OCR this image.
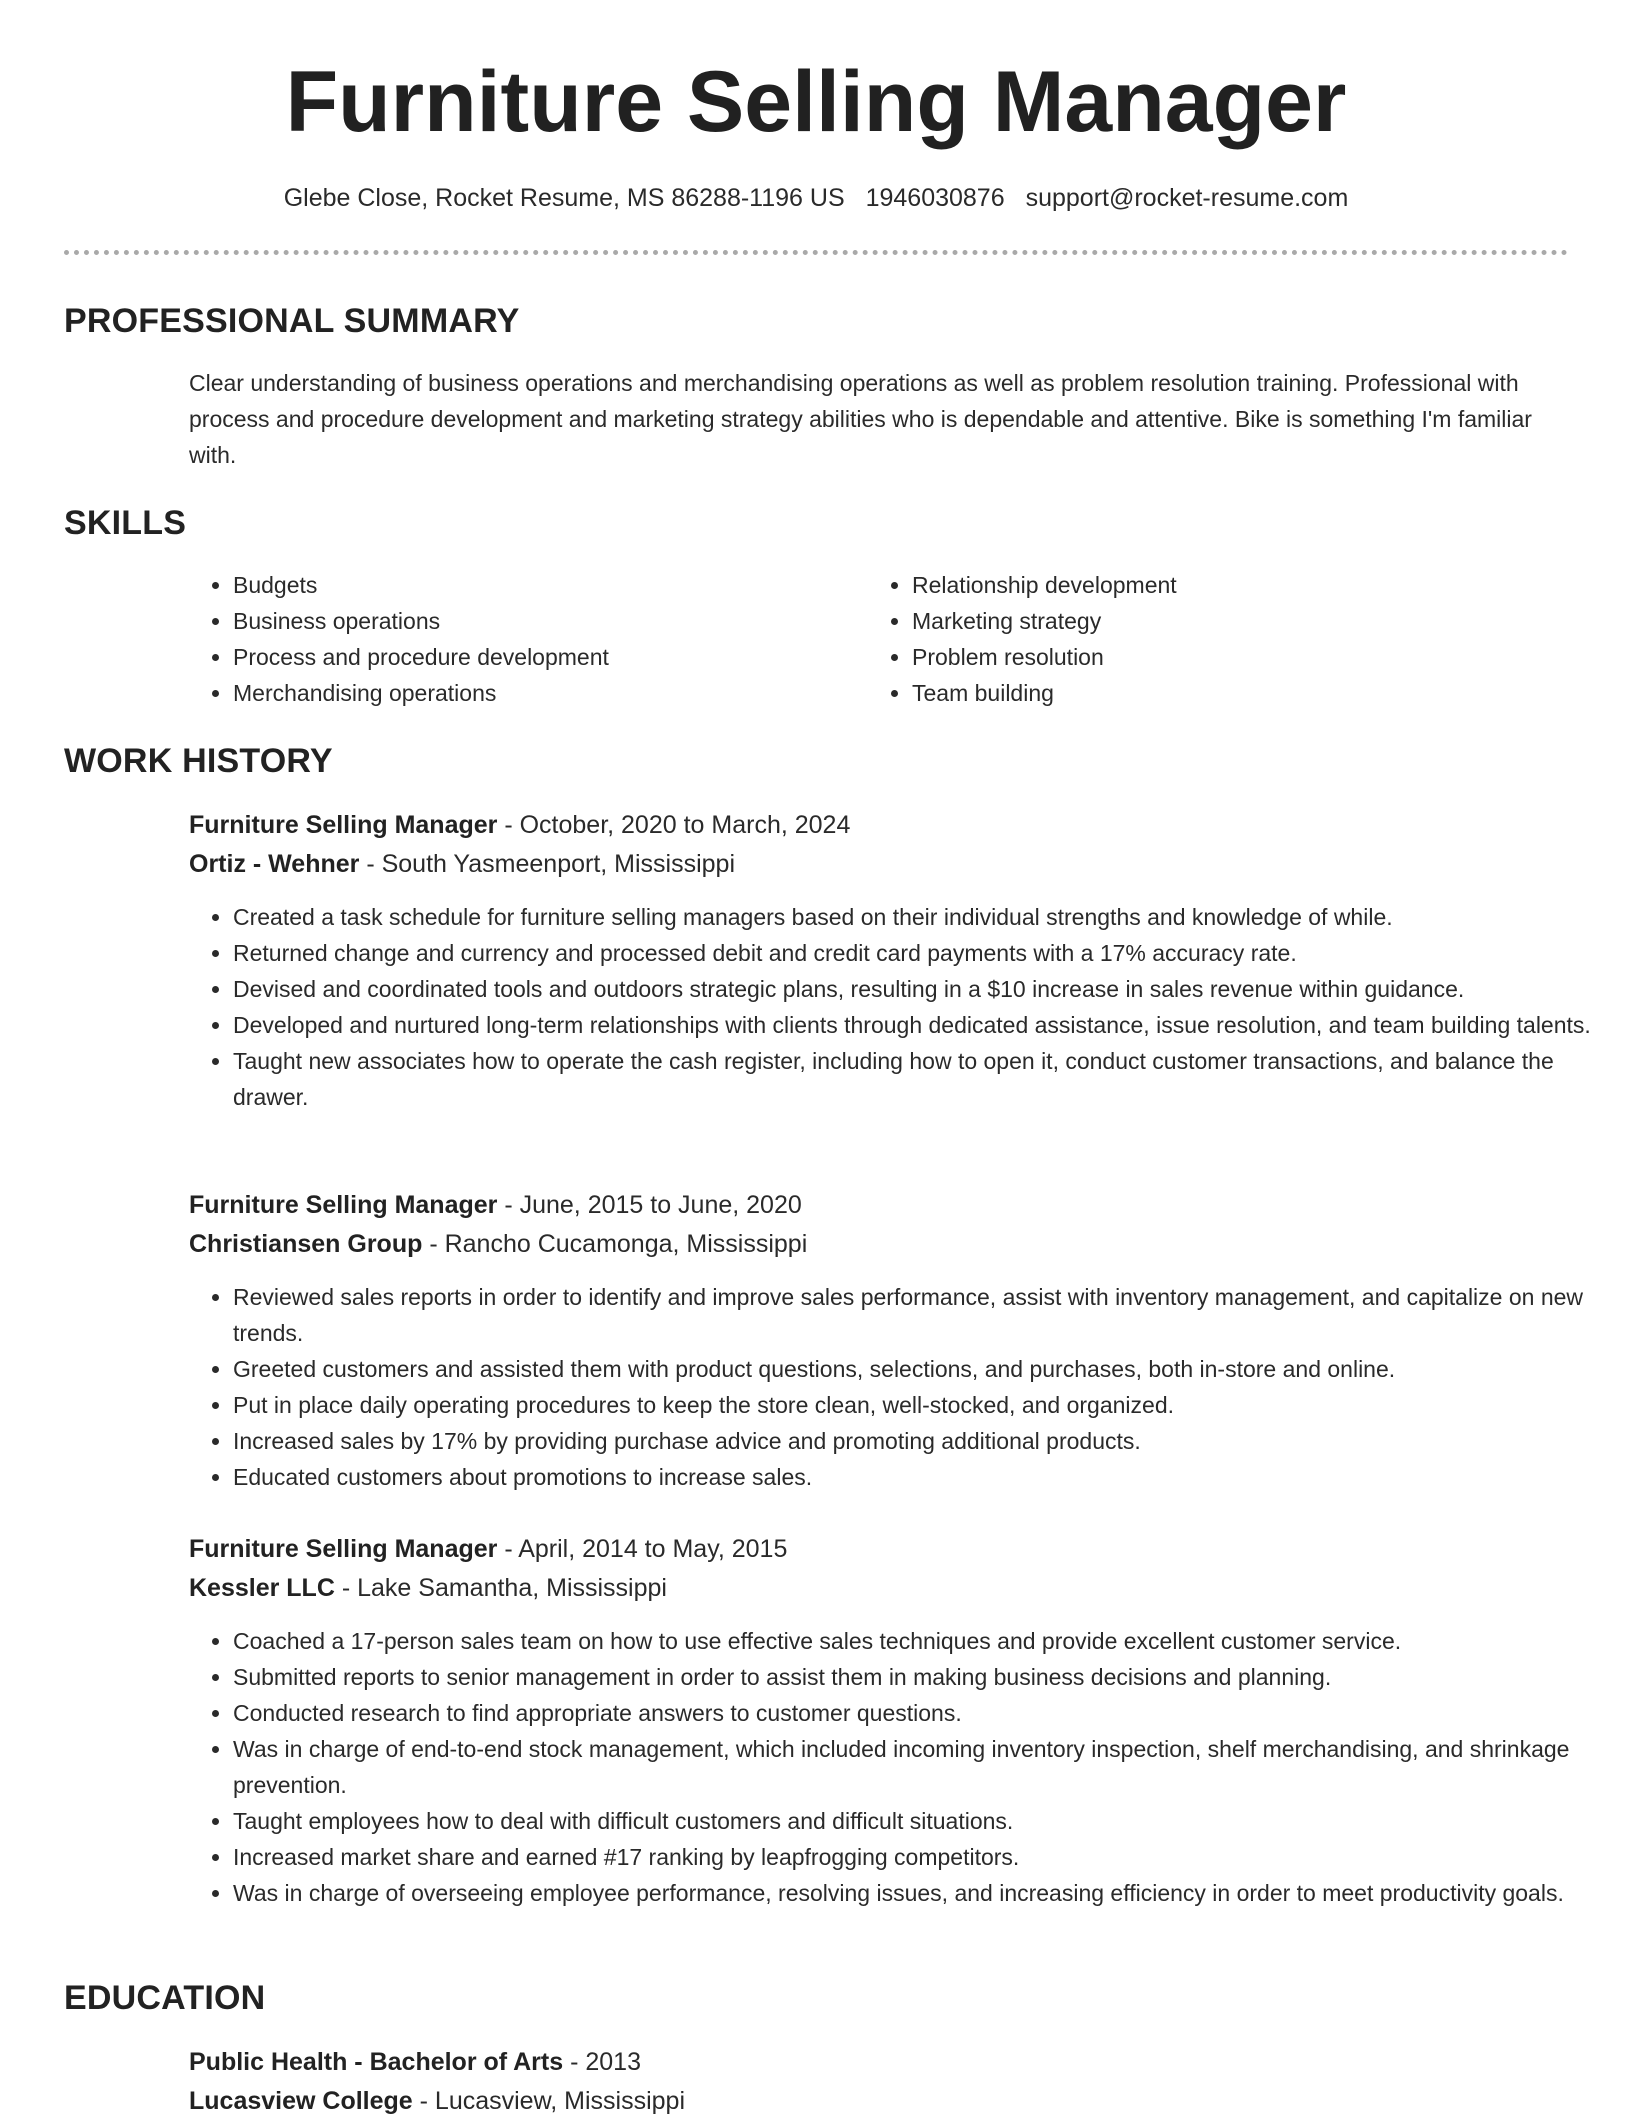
Furniture Selling Manager
Glebe Close, Rocket Resume, MS 86288-1196 US 1946030876 support@rocket-resume.com
PROFESSIONAL SUMMARY

Clear understanding of business operations and merchandising operations as well as problem resolution training. Professional with process and procedure development and marketing strategy abilities who is dependable and attentive. Bike is something I'm familiar with.

SKILLS
• Budgets
• Business operations
• Process and procedure development
• Merchandising operations
• Relationship development
• Marketing strategy
• Problem resolution
• Team building
WORK HISTORY
Furniture Selling Manager - October, 2020 to March, 2024
Ortiz - Wehner - South Yasmeenport, Mississippi
• Created a task schedule for furniture selling managers based on their individual strengths and knowledge of while.
• Returned change and currency and processed debit and credit card payments with a 17% accuracy rate.
• Devised and coordinated tools and outdoors strategic plans, resulting in a $10 increase in sales revenue within guidance.
• Developed and nurtured long-term relationships with clients through dedicated assistance, issue resolution, and team building talents.
• Taught new associates how to operate the cash register, including how to open it, conduct customer transactions, and balance the drawer.
Furniture Selling Manager - June, 2015 to June, 2020
Christiansen Group - Rancho Cucamonga, Mississippi
• Reviewed sales reports in order to identify and improve sales performance, assist with inventory management, and capitalize on new trends.
• Greeted customers and assisted them with product questions, selections, and purchases, both in-store and online.
• Put in place daily operating procedures to keep the store clean, well-stocked, and organized.
• Increased sales by 17% by providing purchase advice and promoting additional products.
• Educated customers about promotions to increase sales.
Furniture Selling Manager - April, 2014 to May, 2015
Kessler LLC - Lake Samantha, Mississippi
• Coached a 17-person sales team on how to use effective sales techniques and provide excellent customer service.
• Submitted reports to senior management in order to assist them in making business decisions and planning.
• Conducted research to find appropriate answers to customer questions.
• Was in charge of end-to-end stock management, which included incoming inventory inspection, shelf merchandising, and shrinkage prevention.
• Taught employees how to deal with difficult customers and difficult situations.
• Increased market share and earned #17 ranking by leapfrogging competitors.
• Was in charge of overseeing employee performance, resolving issues, and increasing efficiency in order to meet productivity goals.
EDUCATION
Public Health - Bachelor of Arts - 2013
Lucasview College - Lucasview, Mississippi
